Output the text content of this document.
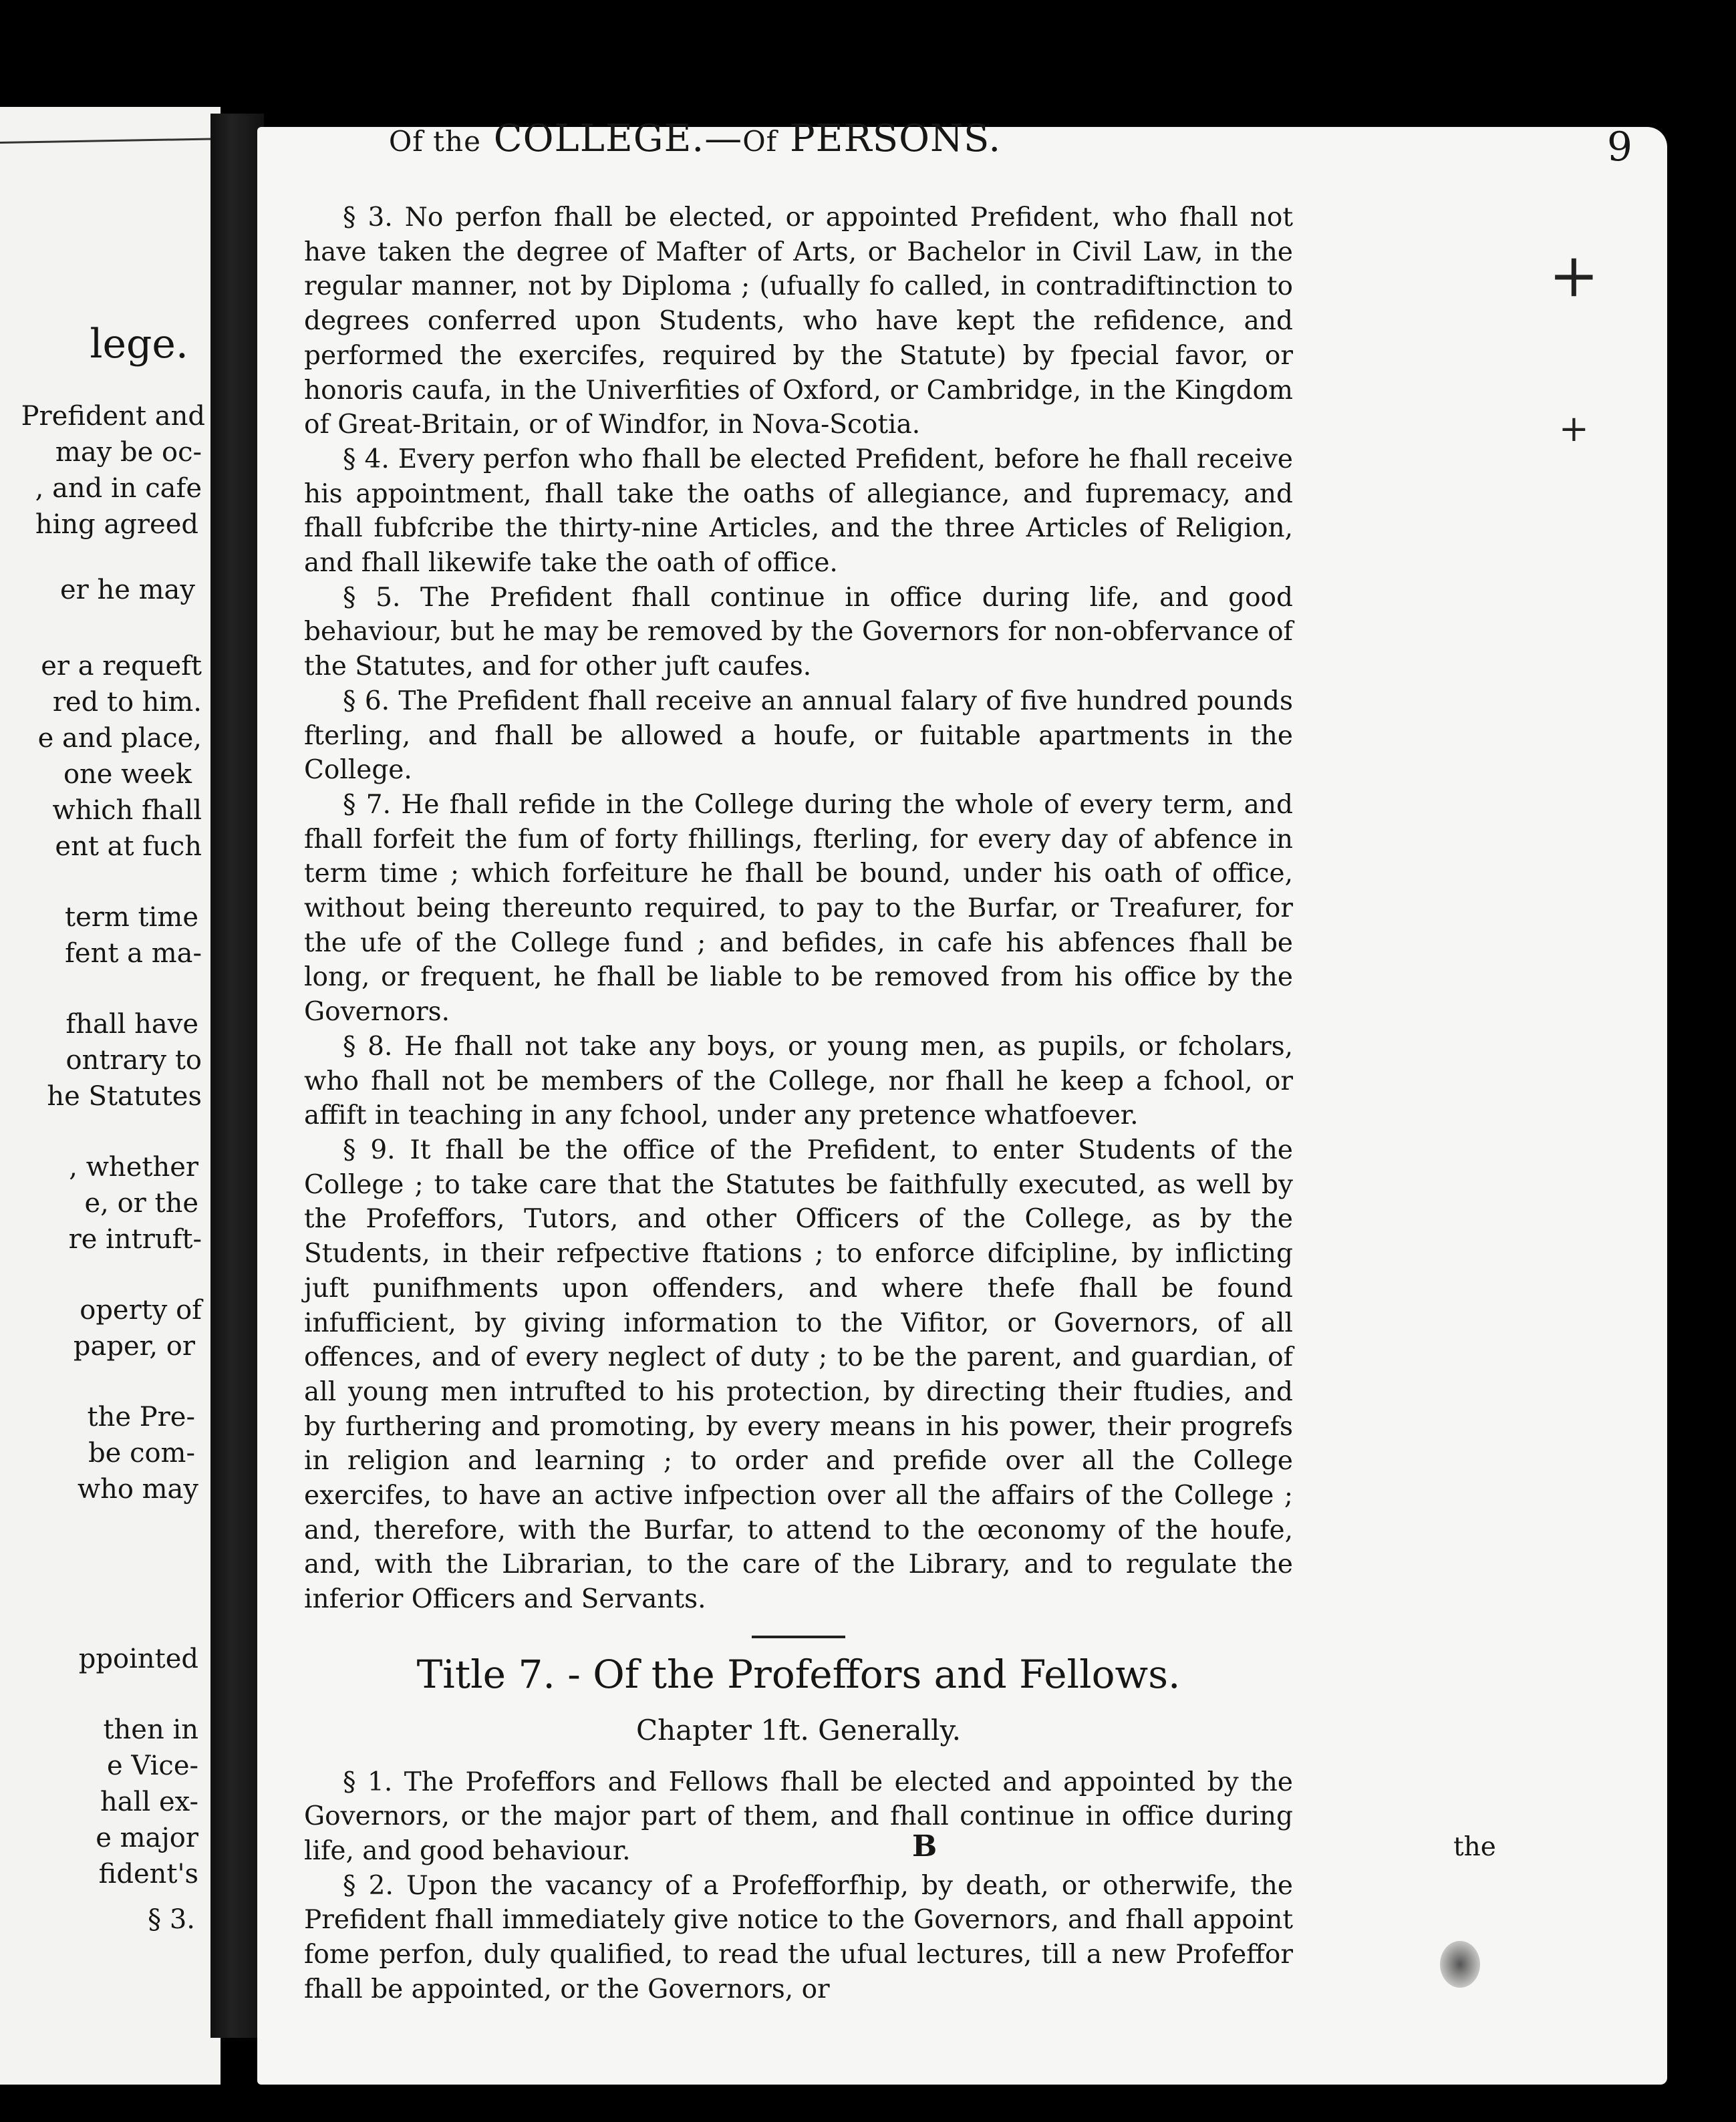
lege.
Prefident and
may be oc-
, and in cafe
hing agreed
er he may
er a requeft
red to him.
e and place,
one week
which fhall
ent at fuch
term time
fent a ma-
fhall have
ontrary to
he Statutes
, whether
e, or the
re intruft-
operty of
paper, or
the Pre-
be com-
who may
ppointed
then in
e Vice-
hall ex-
e major
fident's
§ 3.
Of the COLLEGE.—Of PERSONS.	9
+
+

§ 3. No perfon fhall be elected, or appointed Prefident, who fhall not have taken the degree of Mafter of Arts, or Bachelor in Civil Law, in the regular manner, not by Diploma ; (ufually fo called, in contradiftinction to degrees conferred upon Students, who have kept the refidence, and performed the exercifes, required by the Statute) by fpecial favor, or honoris caufa, in the Univerfities of Oxford, or Cambridge, in the Kingdom of Great-Britain, or of Windfor, in Nova-Scotia.

§ 4. Every perfon who fhall be elected Prefident, before he fhall receive his appointment, fhall take the oaths of allegiance, and fupremacy, and fhall fubfcribe the thirty-nine Articles, and the three Articles of Religion, and fhall likewife take the oath of office.

§ 5. The Prefident fhall continue in office during life, and good behaviour, but he may be removed by the Governors for non-obfervance of the Statutes, and for other juft caufes.

§ 6. The Prefident fhall receive an annual falary of five hundred pounds fterling, and fhall be allowed a houfe, or fuitable apartments in the College.

§ 7. He fhall refide in the College during the whole of every term, and fhall forfeit the fum of forty fhillings, fterling, for every day of abfence in term time ; which forfeiture he fhall be bound, under his oath of office, without being thereunto required, to pay to the Burfar, or Treafurer, for the ufe of the College fund ; and befides, in cafe his abfences fhall be long, or frequent, he fhall be liable to be removed from his office by the Governors.

§ 8. He fhall not take any boys, or young men, as pupils, or fcholars, who fhall not be members of the College, nor fhall he keep a fchool, or affift in teaching in any fchool, under any pretence whatfoever.

§ 9. It fhall be the office of the Prefident, to enter Students of the College ; to take care that the Statutes be faithfully executed, as well by the Profeffors, Tutors, and other Officers of the College, as by the Students, in their refpective ftations ; to enforce difcipline, by inflicting juft punifhments upon offenders, and where thefe fhall be found infufficient, by giving information to the Vifitor, or Governors, of all offences, and of every neglect of duty ; to be the parent, and guardian, of all young men intrufted to his protection, by directing their ftudies, and by furthering and promoting, by every means in his power, their progrefs in religion and learning ; to order and prefide over all the College exercifes, to have an active infpection over all the affairs of the College ; and, therefore, with the Burfar, to attend to the œconomy of the houfe, and, with the Librarian, to the care of the Library, and to regulate the inferior Officers and Servants.

Title 7. - Of the Profeffors and Fellows.

Chapter 1ft. Generally.

§ 1. The Profeffors and Fellows fhall be elected and appointed by the Governors, or the major part of them, and fhall continue in office during life, and good behaviour.

§ 2. Upon the vacancy of a Profefforfhip, by death, or otherwife, the Prefident fhall immediately give notice to the Governors, and fhall appoint fome perfon, duly qualified, to read the ufual lectures, till a new Profeffor fhall be appointed, or the Governors, or

B	the
